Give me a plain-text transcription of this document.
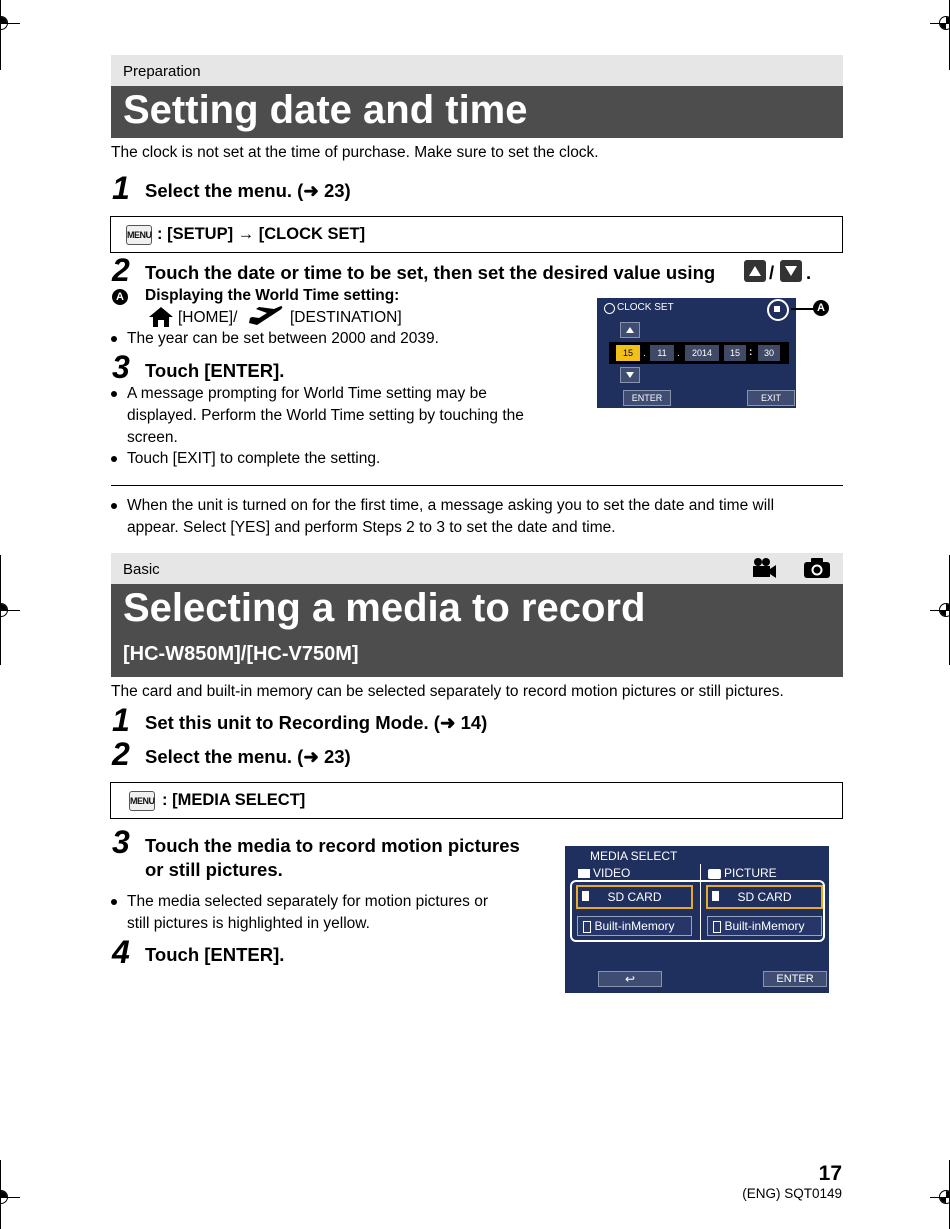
Preparation
Setting date and time
The clock is not set at the time of purchase. Make sure to set the clock.
1 Select the menu. (➜ 23)
MENU : [SETUP] → [CLOCK SET]
2 Touch the date or time to be set, then set the desired value using	/ .
A Displaying the World Time setting:
[HOME]/	[DESTINATION]
The year can be set between 2000 and 2039.
3 Touch [ENTER].
A message prompting for World Time setting may be
displayed. Perform the World Time setting by touching the
screen.
Touch [EXIT] to complete the setting.
CLOCK SET
15	.	11	.	2014	15 :	30
ENTER	EXIT
A
When the unit is turned on for the first time, a message asking you to set the date and time will
appear. Select [YES] and perform Steps 2 to 3 to set the date and time.
Basic
Selecting a media to record
[HC-W850M]/[HC-V750M]
The card and built-in memory can be selected separately to record motion pictures or still pictures.
1 Set this unit to Recording Mode. (➜ 14)
2 Select the menu. (➜ 23)
MENU : [MEDIA SELECT]
3 Touch the media to record motion pictures
or still pictures.
The media selected separately for motion pictures or
still pictures is highlighted in yellow.
4 Touch [ENTER].
MEDIA SELECT
VIDEO	PICTURE
SD CARD
Built-inMemory
SD CARD
Built-inMemory
↩	ENTER
17
(ENG) SQT0149
